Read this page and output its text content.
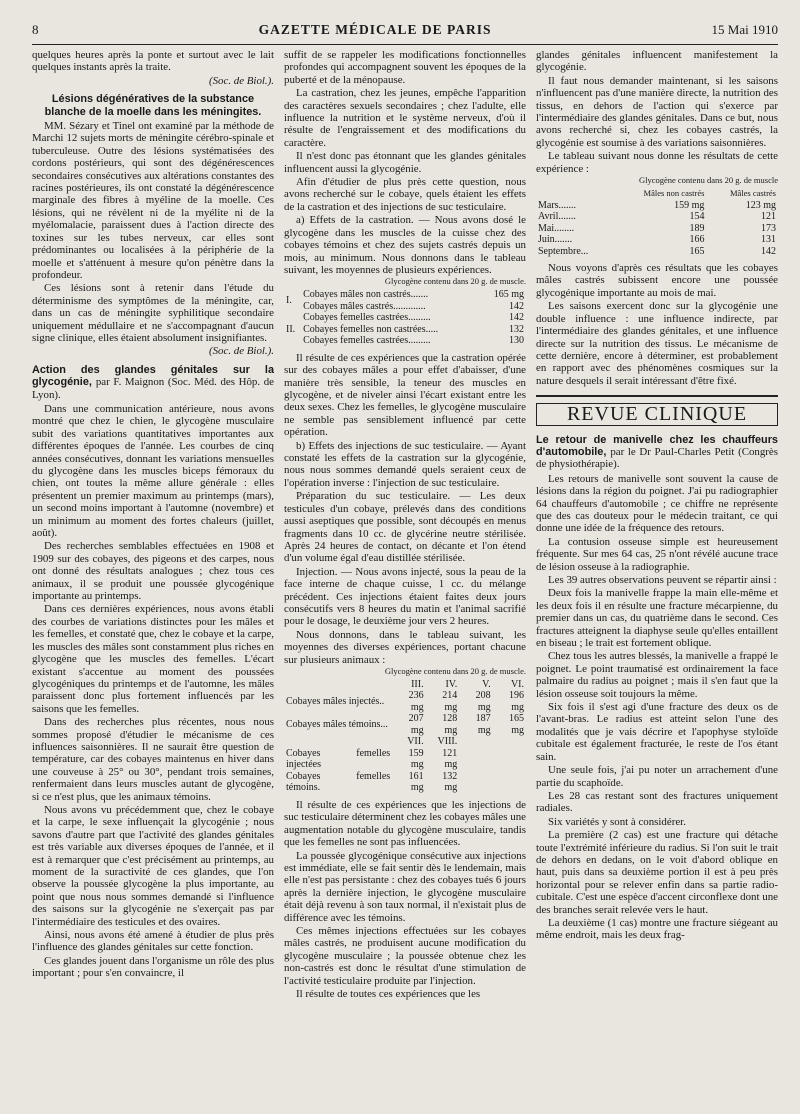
8	GAZETTE MÉDICALE DE PARIS	15 Mai 1910

quelques heures après la ponte et surtout avec le lait quelques instants après la traite.

(Soc. de Biol.).
Lésions dégénératives de la substance blanche de la moelle dans les méningites.

MM. Sézary et Tinel ont examiné par la méthode de Marchi 12 sujets morts de méningite cérébro-spinale et tuberculeuse. Outre des lésions systématisées des cordons postérieurs, qui sont des dégénérescences secondaires consécutives aux altérations constantes des racines postérieures, ils ont constaté la dégénérescence marginale des fibres à myéline de la moelle. Ces lésions, qui ne révèlent ni de la myélite ni de la myélomalacie, paraissent dues à l'action directe des toxines sur les tubes nerveux, car elles sont prédominantes ou localisées à la périphérie de la moelle et s'atténuent à mesure qu'on pénètre dans la profondeur.

Ces lésions sont à retenir dans l'étude du déterminisme des symptômes de la méningite, car, dans un cas de méningite syphilitique secondaire uniquement médullaire et ne s'accompagnant d'aucun signe clinique, elles étaient absolument insignifiantes.

(Soc. de Biol.).
Action des glandes génitales sur la glycogénie, par F. Maignon (Soc. Méd. des Hôp. de Lyon).

Dans une communication antérieure, nous avons montré que chez le chien, le glycogène musculaire subit des variations quantitatives importantes aux différentes époques de l'année. Les courbes de cinq années consécutives, donnant les variations mensuelles du glycogène dans les muscles biceps fémoraux du chien, ont toutes la même allure générale : elles présentent un premier maximum au printemps (mars), un second moins important à l'automne (novembre) et un minimum au moment des fortes chaleurs (juillet, août).

Des recherches semblables effectuées en 1908 et 1909 sur des cobayes, des pigeons et des carpes, nous ont donné des résultats analogues ; chez tous ces animaux, il se produit une poussée glycogénique importante au printemps.

Dans ces dernières expériences, nous avons établi des courbes de variations distinctes pour les mâles et les femelles, et constaté que, chez le cobaye et la carpe, les muscles des mâles sont constamment plus riches en glycogène que les muscles des femelles. L'écart existant s'accentue au moment des poussées glycogéniques du printemps et de l'automne, les mâles paraissent donc plus fortement influencés par les saisons que les femelles.

Dans des recherches plus récentes, nous nous sommes proposé d'étudier le mécanisme de ces influences saisonnières. Il ne saurait être question de température, car des cobayes maintenus en hiver dans une couveuse à 25° ou 30°, pendant trois semaines, renfermaient dans leurs muscles autant de glycogène, si ce n'est plus, que les animaux témoins.

Nous avons vu précédemment que, chez le cobaye et la carpe, le sexe influençait la glycogénie ; nous savons d'autre part que l'activité des glandes génitales est très variable aux diverses époques de l'année, et il est à remarquer que c'est précisément au printemps, au moment de la suractivité de ces glandes, que l'on observe la poussée glycogène la plus importante, au point que nous nous sommes demandé si l'influence des saisons sur la glycogénie ne s'exerçait pas par l'intermédiaire des testicules et des ovaires.

Ainsi, nous avons été amené à étudier de plus près l'influence des glandes génitales sur cette fonction.

Ces glandes jouent dans l'organisme un rôle des plus important ; pour s'en convaincre, il

suffit de se rappeler les modifications fonctionnelles profondes qui accompagnent souvent les époques de la puberté et de la ménopause.

La castration, chez les jeunes, empêche l'apparition des caractères sexuels secondaires ; chez l'adulte, elle influence la nutrition et le système nerveux, d'où il résulte de l'engraissement et des modifications du caractère.

Il n'est donc pas étonnant que les glandes génitales influencent aussi la glycogénie.

Afin d'étudier de plus près cette question, nous avons recherché sur le cobaye, quels étaient les effets de la castration et des injections de suc testiculaire.

a) Effets de la castration. — Nous avons dosé le glycogène dans les muscles de la cuisse chez des cobayes témoins et chez des sujets castrés depuis un mois, au minimum. Nous donnons dans le tableau suivant, les moyennes de plusieurs expériences.

Glycogène contenu dans 20 g. de muscle.
I.	Cobayes mâles non castrés.......	165 mg
	Cobayes mâles castrés.............	142
II.	Cobayes femelles castrées.........	142
	Cobayes femelles non castrées.....	132
	Cobayes femelles castrées.........	130

Il résulte de ces expériences que la castration opérée sur des cobayes mâles a pour effet d'abaisser, d'une manière très sensible, la teneur des muscles en glycogène, et de niveler ainsi l'écart existant entre les deux sexes. Chez les femelles, le glycogène musculaire ne semble pas sensiblement influencé par cette opération.

b) Effets des injections de suc testiculaire. — Ayant constaté les effets de la castration sur la glycogénie, nous nous sommes demandé quels seraient ceux de l'opération inverse : l'injection de suc testiculaire.

Préparation du suc testiculaire. — Les deux testicules d'un cobaye, prélevés dans des conditions aussi aseptiques que possible, sont découpés en menus fragments dans 10 cc. de glycérine neutre stérilisée. Après 24 heures de contact, on décante et l'on étend d'un volume égal d'eau distillée stérilisée.

Injection. — Nous avons injecté, sous la peau de la face interne de chaque cuisse, 1 cc. du mélange précédent. Ces injections étaient faites deux jours consécutifs vers 8 heures du matin et l'animal sacrifié pour le dosage, le deuxième jour vers 2 heures.

Nous donnons, dans le tableau suivant, les moyennes des diverses expériences, portant chacune sur plusieurs animaux :

Glycogène contenu dans 20 g. de muscle.
	III.	IV.	V.	VI.
Cobayes mâles injectés..	236 mg	214 mg	208 mg	196 mg
Cobayes mâles témoins...	207 mg	128 mg	187 mg	165 mg
	VII.	VIII.		
Cobayes femelles injectées	159 mg	121 mg		
Cobayes femelles témoins.	161 mg	132 mg		

Il résulte de ces expériences que les injections de suc testiculaire déterminent chez les cobayes mâles une augmentation notable du glycogène musculaire, tandis que les femelles ne sont pas influencées.

La poussée glycogénique consécutive aux injections est immédiate, elle se fait sentir dès le lendemain, mais elle n'est pas persistante : chez des cobayes tués 6 jours après la dernière injection, le glycogène musculaire était déjà revenu à son taux normal, il n'existait plus de différence avec les témoins.

Ces mêmes injections effectuées sur les cobayes mâles castrés, ne produisent aucune modification du glycogène musculaire ; la poussée obtenue chez les non-castrés est donc le résultat d'une stimulation de l'activité testiculaire produite par l'injection.

Il résulte de toutes ces expériences que les

glandes génitales influencent manifestement la glycogénie.

Il faut nous demander maintenant, si les saisons n'influencent pas d'une manière directe, la nutrition des tissus, en dehors de l'action qui s'exerce par l'intermédiaire des glandes génitales. Dans ce but, nous avons recherché si, chez les cobayes castrés, la glycogénie est soumise à des variations saisonnières.

Le tableau suivant nous donne les résultats de cette expérience :

Glycogène contenu dans 20 g. de muscle
	Mâles non castrés	Mâles castrés
Mars.......	159 mg	123 mg
Avril.......	154	121
Mai........	189	173
Juin.......	166	131
Septembre...	165	142

Nous voyons d'après ces résultats que les cobayes mâles castrés subissent encore une poussée glycogénique importante au mois de mai.

Les saisons exercent donc sur la glycogénie une double influence : une influence indirecte, par l'intermédiaire des glandes génitales, et une influence directe sur la nutrition des tissus. Le mécanisme de cette dernière, encore à déterminer, est probablement en rapport avec des phénomènes cosmiques sur la nature desquels il serait intéressant d'être fixé.

REVUE CLINIQUE
Le retour de manivelle chez les chauffeurs d'automobile, par le Dr Paul-Charles Petit (Congrès de physiothérapie).

Les retours de manivelle sont souvent la cause de lésions dans la région du poignet. J'ai pu radiographier 64 chauffeurs d'automobile ; ce chiffre ne représente que des cas douteux pour le médecin traitant, ce qui donne une idée de la fréquence des retours.

La contusion osseuse simple est heureusement fréquente. Sur mes 64 cas, 25 n'ont révélé aucune trace de lésion osseuse à la radiographie.

Les 39 autres observations peuvent se répartir ainsi :

Deux fois la manivelle frappe la main elle-même et les deux fois il en résulte une fracture mécarpienne, du premier dans un cas, du quatrième dans le second. Ces fractures atteignent la diaphyse seule qu'elles entaillent en biseau ; le trait est fortement oblique.

Chez tous les autres blessés, la manivelle a frappé le poignet. Le point traumatisé est ordinairement la face palmaire du radius au poignet ; mais il s'en faut que la lésion osseuse soit toujours la même.

Six fois il s'est agi d'une fracture des deux os de l'avant-bras. Le radius est atteint selon l'une des modalités que je vais décrire et l'apophyse styloïde cubitale est également fracturée, le reste de l'os étant sain.

Une seule fois, j'ai pu noter un arrachement d'une partie du scaphoïde.

Les 28 cas restant sont des fractures uniquement radiales.

Six variétés y sont à considérer.

La première (2 cas) est une fracture qui détache toute l'extrémité inférieure du radius. Si l'on suit le trait de dehors en dedans, on le voit d'abord oblique en haut, puis dans sa deuxième portion il est à peu près horizontal pour se relever enfin dans sa partie radio-cubitale. C'est une espèce d'accent circonflexe dont une des branches serait relevée vers le haut.

La deuxième (1 cas) montre une fracture siégeant au même endroit, mais les deux frag-
